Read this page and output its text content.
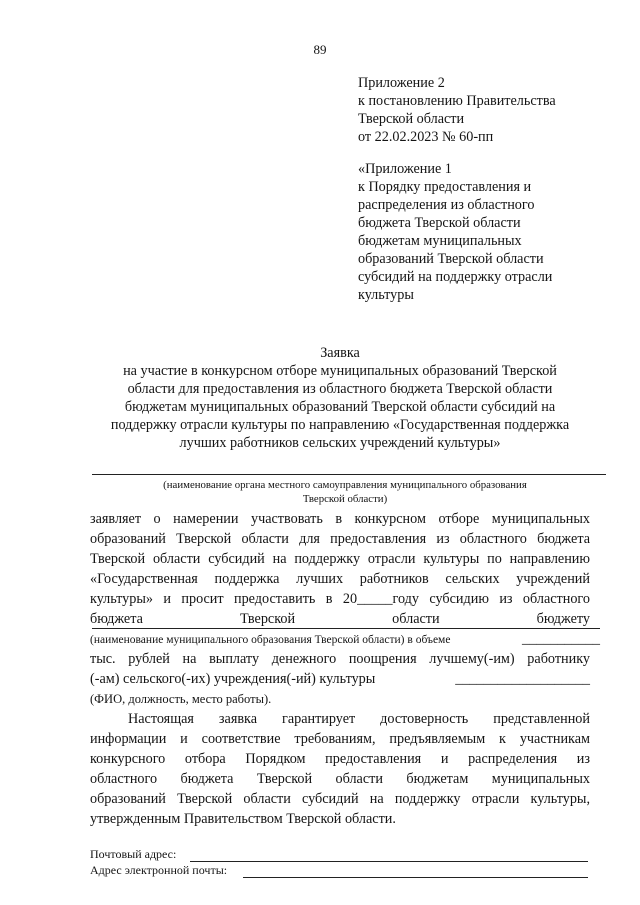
89
Приложение 2
к постановлению Правительства
Тверской области
от 22.02.2023 № 60-пп
«Приложение 1
к Порядку предоставления и
распределения из областного
бюджета Тверской области
бюджетам муниципальных
образований Тверской области
субсидий на поддержку отрасли
культуры
Заявка
на участие в конкурсном отборе муниципальных образований Тверской
области для предоставления из областного бюджета Тверской области
бюджетам муниципальных образований Тверской области субсидий на
поддержку отрасли культуры по направлению «Государственная поддержка
лучших работников сельских учреждений культуры»
(наименование органа местного самоуправления муниципального образования
Тверской области)
заявляет о намерении участвовать в конкурсном отборе муниципальных
образований Тверской области для предоставления из областного бюджета
Тверской области субсидий на поддержку отрасли культуры по направлению
«Государственная поддержка лучших работников сельских учреждений
культуры» и просит предоставить в 20_____году субсидию из областного
бюджета Тверской области бюджету
(наименование муниципального образования Тверской области) в объеме	___________
тыс. рублей на выплату денежного поощрения лучшему(-им) работнику
(-ам) сельского(-их) учреждения(-ий) культуры	___________________
(ФИО, должность, место работы).
Настоящая заявка гарантирует достоверность представленной
информации и соответствие требованиям, предъявляемым к участникам
конкурсного отбора Порядком предоставления и распределения из
областного бюджета Тверской области бюджетам муниципальных
образований Тверской области субсидий на поддержку отрасли культуры,
утвержденным Правительством Тверской области.
Почтовый адрес:
Адрес электронной почты:
